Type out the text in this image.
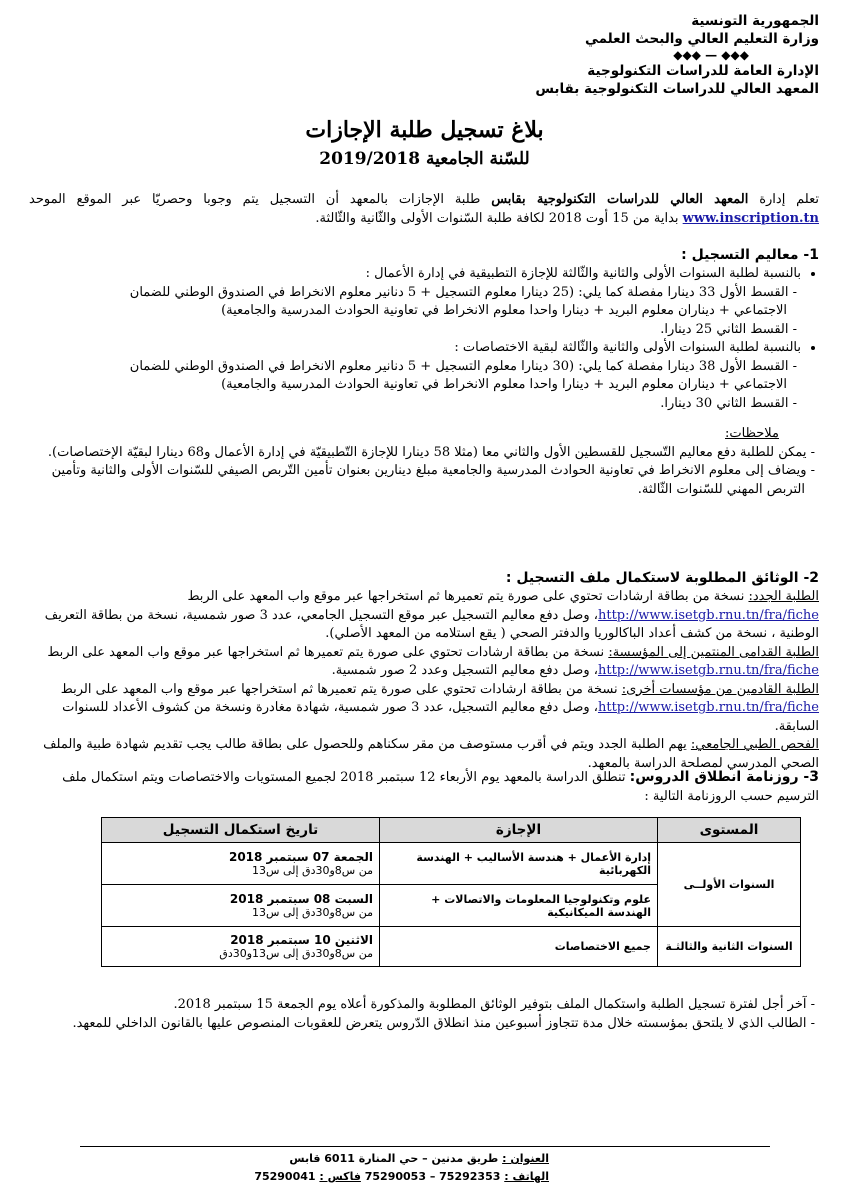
الجمهورية التونسية
وزارة التعليم العالي والبحث العلمي
◆◆◆ — ◆◆◆
الإدارة العامة للدراسات التكنولوجية
المعهد العالي للدراسات التكنولوجية بقابس
بلاغ تسجيل طلبة الإجازات
للسّنة الجامعية 2019/2018
تعلم إدارة المعهد العالي للدراسات التكنولوجية بقابس طلبة الإجازات بالمعهد أن التسجيل يتم وجوبا وحصريّا عبر الموقع الموحد www.inscription.tn بداية من 15 أوت 2018 لكافة طلبة السّنوات الأولى والثّانية والثّالثة.
1- معاليم التسجيل :
• بالنسبة لطلبة السنوات الأولى والثانية والثّالثة للإجازة التطبيقية في إدارة الأعمال :
- القسط الأول 33 دينارا مفصلة كما يلي: (25 دينارا معلوم التسجيل + 5 دنانير معلوم الانخراط في الصندوق الوطني للضمان
الاجتماعي + ديناران معلوم البريد + دينارا واحدا معلوم الانخراط في تعاونية الحوادث المدرسية والجامعية)
- القسط الثاني 25 دينارا.
• بالنسبة لطلبة السنوات الأولى والثانية والثّالثة لبقية الاختصاصات :
- القسط الأول 38 دينارا مفصلة كما يلي: (30 دينارا معلوم التسجيل + 5 دنانير معلوم الانخراط في الصندوق الوطني للضمان
الاجتماعي + ديناران معلوم البريد + دينارا واحدا معلوم الانخراط في تعاونية الحوادث المدرسية والجامعية)
- القسط الثاني 30 دينارا.
ملاحظات:
- يمكن للطلبة دفع معاليم التّسجيل للقسطين الأول والثاني معا (مثلا 58 دينارا للإجازة التّطبيقيّة في إدارة الأعمال و68 دينارا لبقيّة الإختصاصات).
- ويضاف إلى معلوم الانخراط في تعاونية الحوادث المدرسية والجامعية مبلغ دينارين بعنوان تأمين التّربص الصيفي للسّنوات الأولى والثانية وتأمين التربص المهني للسّنوات الثّالثة.
2- الوثائق المطلوبة لاستكمال ملف التسجيل :
الطلبة الجدد: نسخة من بطاقة ارشادات تحتوي على صورة يتم تعميرها ثم استخراجها عبر موقع واب المعهد على الربط http://www.isetgb.rnu.tn/fra/fiche، وصل دفع معاليم التسجيل عبر موقع التسجيل الجامعي، عدد 3 صور شمسية، نسخة من بطاقة التعريف الوطنية ، نسخة من كشف أعداد الباكالوريا والدفتر الصحي ( يقع استلامه من المعهد الأصلي).
الطلبة القدامى المنتمين إلى المؤسسة: نسخة من بطاقة ارشادات تحتوي على صورة يتم تعميرها ثم استخراجها عبر موقع واب المعهد على الربط http://www.isetgb.rnu.tn/fra/fiche، وصل دفع معاليم التسجيل وعدد 2 صور شمسية.
الطلبة القادمين من مؤسسات أخرى: نسخة من بطاقة ارشادات تحتوي على صورة يتم تعميرها ثم استخراجها عبر موقع واب المعهد على الربط http://www.isetgb.rnu.tn/fra/fiche، وصل دفع معاليم التسجيل، عدد 3 صور شمسية، شهادة مغادرة ونسخة من كشوف الأعداد للسنوات السابقة.
الفحص الطبي الجامعي: يهم الطلبة الجدد ويتم في أقرب مستوصف من مقر سكناهم وللحصول على بطاقة طالب يجب تقديم شهادة طبية والملف الصحي المدرسي لمصلحة الدراسة بالمعهد.
3- روزنامة انطلاق الدروس: تنطلق الدراسة بالمعهد يوم الأربعاء 12 سبتمبر 2018 لجميع المستويات والاختصاصات ويتم استكمال ملف الترسيم حسب الروزنامة التالية :
المستوى	الإجازة	تاريخ استكمال التسجيل
السنوات الأولــى	إدارة الأعمال + هندسة الأساليب + الهندسة الكهربائية	الجمعة 07 سبتمبر 2018
من س8و30دق إلى س13
	علوم وتكنولوجيا المعلومات والاتصالات + الهندسة الميكانيكية	السبت 08 سبتمبر 2018
من س8و30دق إلى س13
السنوات الثانية والثالثـة	جميع الاختصاصات	الاثنين 10 سبتمبر 2018
من س8و30دق إلى س13و30دق
- آخر أجل لفترة تسجيل الطلبة واستكمال الملف بتوفير الوثائق المطلوبة والمذكورة أعلاه يوم الجمعة 15 سبتمبر 2018.
- الطالب الذي لا يلتحق بمؤسسته خلال مدة تتجاوز أسبوعين منذ انطلاق الدّروس يتعرض للعقوبات المنصوص عليها بالقانون الداخلي للمعهد.
العنوان : طريق مدنين – حي المنارة 6011 قابس
الهاتف : 75292353 – 75290053 فاكس : 75290041
